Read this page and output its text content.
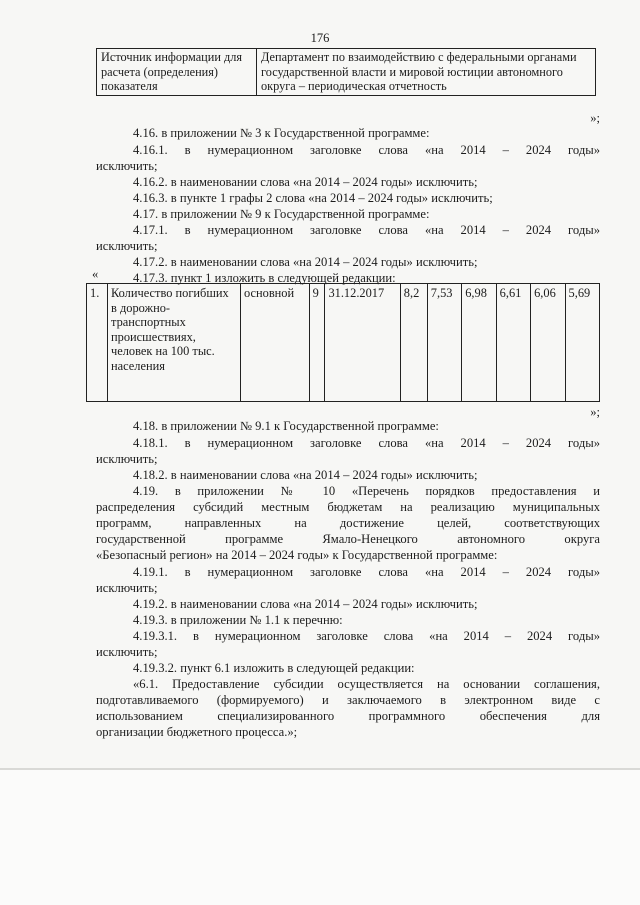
176
Источник информации для расчета (определения) показателя	Департамент по взаимодействию с федеральными органами государственной власти и мировой юстиции автономного округа – периодическая отчетность

»;

4.16. в приложении № 3 к Государственной программе:

4.16.1. в нумерационном заголовке слова «на 2014 – 2024 годы»

исключить;

4.16.2. в наименовании слова «на 2014 – 2024 годы» исключить;

4.16.3. в пункте 1 графы 2 слова «на 2014 – 2024 годы» исключить;

4.17. в приложении № 9 к Государственной программе:

4.17.1. в нумерационном заголовке слова «на 2014 – 2024 годы»

исключить;

4.17.2. в наименовании слова «на 2014 – 2024 годы» исключить;

4.17.3. пункт 1 изложить в следующей редакции:

«

1.	Количество погибших в дорожно-транспортных происшествиях, человек на 100 тыс. населения	основной	9	31.12.2017	8,2	7,53	6,98	6,61	6,06	5,69

»;

4.18. в приложении № 9.1 к Государственной программе:

4.18.1. в нумерационном заголовке слова «на 2014 – 2024 годы»

исключить;

4.18.2. в наименовании слова «на 2014 – 2024 годы» исключить;

4.19. в приложении № 10 «Перечень порядков предоставления и

распределения субсидий местным бюджетам на реализацию муниципальных

программ, направленных на достижение целей, соответствующих

государственной программе Ямало-Ненецкого автономного округа

«Безопасный регион» на 2014 – 2024 годы» к Государственной программе:

4.19.1. в нумерационном заголовке слова «на 2014 – 2024 годы»

исключить;

4.19.2. в наименовании слова «на 2014 – 2024 годы» исключить;

4.19.3. в приложении № 1.1 к перечню:

4.19.3.1. в нумерационном заголовке слова «на 2014 – 2024 годы»

исключить;

4.19.3.2. пункт 6.1 изложить в следующей редакции:

«6.1. Предоставление субсидии осуществляется на основании соглашения,

подготавливаемого (формируемого) и заключаемого в электронном виде с

использованием специализированного программного обеспечения для

организации бюджетного процесса.»;
